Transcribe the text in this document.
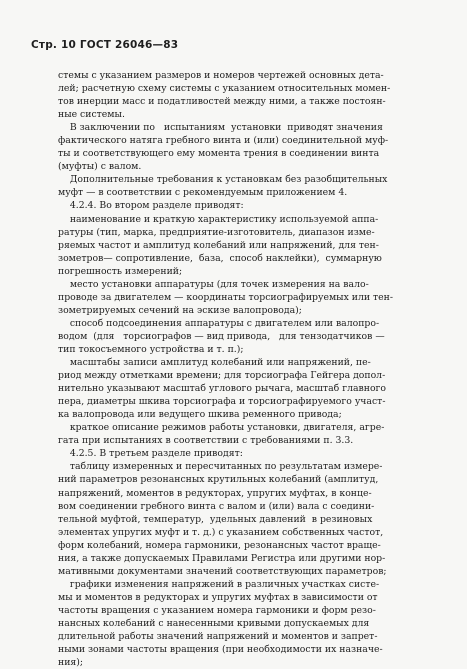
Стр. 10 ГОСТ 26046—83
стемы с указанием размеров и номеров чертежей основных дета-
лей; расчетную схему системы с указанием относительных момен-
тов инерции масс и податливостей между ними, а также постоян-
ные системы.
В заключении по   испытаниям  установки  приводят значения
фактического натяга гребного винта и (или) соединительной муф-
ты и соответствующего ему момента трения в соединении винта
(муфты) с валом.
Дополнительные требования к установкам без разобщительных
муфт — в соответствии с рекомендуемым приложением 4.
4.2.4. Во втором разделе приводят:
наименование и краткую характеристику используемой аппа-
ратуры (тип, марка, предприятие-изготовитель, диапазон изме-
ряемых частот и амплитуд колебаний или напряжений, для тен-
зометров— сопротивление,  база,  способ наклейки),  суммарную
погрешность измерений;
место установки аппаратуры (для точек измерения на валo-
проводе за двигателем — координаты торсиографируемых или тен-
зометрируемых сечений на эскизе валопровода);
способ подсоединения аппаратуры с двигателем или валопро-
водом  (для   торсиографов — вид привода,   для тензодатчиков —
тип токосъемного устройства и т. п.);
масштабы записи амплитуд колебаний или напряжений, пе-
риод между отметками времени; для торсиографа Гейгера допол-
нительно указывают масштаб углового рычага, масштаб главного
пера, диаметры шкива торсиографа и торсиографируемого участ-
ка валопровода или ведущего шкива ременного привода;
краткое описание режимов работы установки, двигателя, агре-
гата при испытаниях в соответствии с требованиями п. 3.3.
4.2.5. В третьем разделе приводят:
таблицу измеренных и пересчитанных по результатам измере-
ний параметров резонансных крутильных колебаний (амплитуд,
напряжений, моментов в редукторах, упругих муфтах, в конце-
вом соединении гребного винта с валом и (или) вала с соедини-
тельной муфтой, температур,  удельных давлений  в резиновых
элементах упругих муфт и т. д.) с указанием собственных частот,
форм колебаний, номера гармоники, резонансных частот враще-
ния, а также допускаемых Правилами Регистра или другими нор-
мативными документами значений соответствующих параметров;
графики изменения напряжений в различных участках систе-
мы и моментов в редукторах и упругих муфтах в зависимости от
частоты вращения с указанием номера гармоники и форм резо-
нансных колебаний с нанесенными кривыми допускаемых для
длительной работы значений напряжений и моментов и запрет-
ными зонами частоты вращения (при необходимости их назначе-
ния);
